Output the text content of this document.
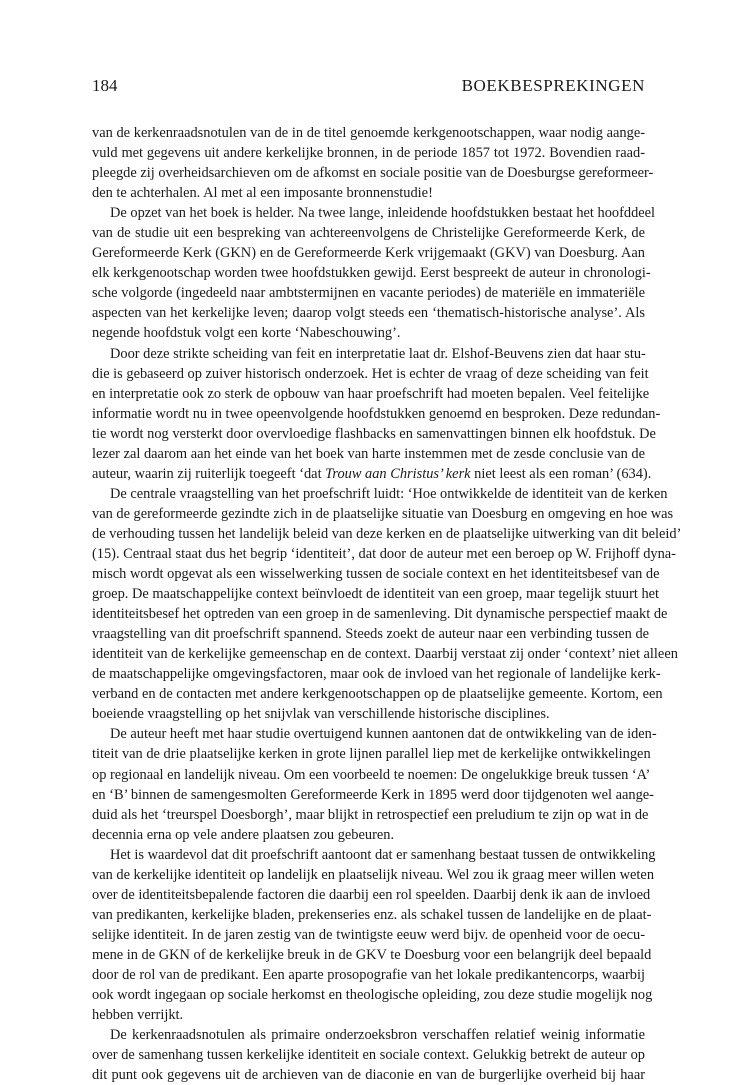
184	BOEKBESPREKINGEN
van de kerkenraadsnotulen van de in de titel genoemde kerkgenootschappen, waar nodig aange-
vuld met gegevens uit andere kerkelijke bronnen, in de periode 1857 tot 1972. Bovendien raad-
pleegde zij overheidsarchieven om de afkomst en sociale positie van de Doesburgse gereformeer-
den te achterhalen. Al met al een imposante bronnenstudie!
De opzet van het boek is helder. Na twee lange, inleidende hoofdstukken bestaat het hoofddeel
van de studie uit een bespreking van achtereenvolgens de Christelijke Gereformeerde Kerk, de
Gereformeerde Kerk (GKN) en de Gereformeerde Kerk vrijgemaakt (GKV) van Doesburg. Aan
elk kerkgenootschap worden twee hoofdstukken gewijd. Eerst bespreekt de auteur in chronologi-
sche volgorde (ingedeeld naar ambtstermijnen en vacante periodes) de materiële en immateriële
aspecten van het kerkelijke leven; daarop volgt steeds een ‘thematisch-historische analyse’. Als
negende hoofdstuk volgt een korte ‘Nabeschouwing’.
Door deze strikte scheiding van feit en interpretatie laat dr. Elshof-Beuvens zien dat haar stu-
die is gebaseerd op zuiver historisch onderzoek. Het is echter de vraag of deze scheiding van feit
en interpretatie ook zo sterk de opbouw van haar proefschrift had moeten bepalen. Veel feitelijke
informatie wordt nu in twee opeenvolgende hoofdstukken genoemd en besproken. Deze redundan-
tie wordt nog versterkt door overvloedige flashbacks en samenvattingen binnen elk hoofdstuk. De
lezer zal daarom aan het einde van het boek van harte instemmen met de zesde conclusie van de
auteur, waarin zij ruiterlijk toegeeft ‘dat Trouw aan Christus’ kerk niet leest als een roman’ (634).
De centrale vraagstelling van het proefschrift luidt: ‘Hoe ontwikkelde de identiteit van de kerken
van de gereformeerde gezindte zich in de plaatselijke situatie van Doesburg en omgeving en hoe was
de verhouding tussen het landelijk beleid van deze kerken en de plaatselijke uitwerking van dit beleid’
(15). Centraal staat dus het begrip ‘identiteit’, dat door de auteur met een beroep op W. Frijhoff dyna-
misch wordt opgevat als een wisselwerking tussen de sociale context en het identiteitsbesef van de
groep. De maatschappelijke context beïnvloedt de identiteit van een groep, maar tegelijk stuurt het
identiteitsbesef het optreden van een groep in de samenleving. Dit dynamische perspectief maakt de
vraagstelling van dit proefschrift spannend. Steeds zoekt de auteur naar een verbinding tussen de
identiteit van de kerkelijke gemeenschap en de context. Daarbij verstaat zij onder ‘context’ niet alleen
de maatschappelijke omgevingsfactoren, maar ook de invloed van het regionale of landelijke kerk-
verband en de contacten met andere kerkgenootschappen op de plaatselijke gemeente. Kortom, een
boeiende vraagstelling op het snijvlak van verschillende historische disciplines.
De auteur heeft met haar studie overtuigend kunnen aantonen dat de ontwikkeling van de iden-
titeit van de drie plaatselijke kerken in grote lijnen parallel liep met de kerkelijke ontwikkelingen
op regionaal en landelijk niveau. Om een voorbeeld te noemen: De ongelukkige breuk tussen ‘A’
en ‘B’ binnen de samengesmolten Gereformeerde Kerk in 1895 werd door tijdgenoten wel aange-
duid als het ‘treurspel Doesborgh’, maar blijkt in retrospectief een preludium te zijn op wat in de
decennia erna op vele andere plaatsen zou gebeuren.
Het is waardevol dat dit proefschrift aantoont dat er samenhang bestaat tussen de ontwikkeling
van de kerkelijke identiteit op landelijk en plaatselijk niveau. Wel zou ik graag meer willen weten
over de identiteitsbepalende factoren die daarbij een rol speelden. Daarbij denk ik aan de invloed
van predikanten, kerkelijke bladen, prekenseries enz. als schakel tussen de landelijke en de plaat-
selijke identiteit. In de jaren zestig van de twintigste eeuw werd bijv. de openheid voor de oecu-
mene in de GKN of de kerkelijke breuk in de GKV te Doesburg voor een belangrijk deel bepaald
door de rol van de predikant. Een aparte prosopografie van het lokale predikantencorps, waarbij
ook wordt ingegaan op sociale herkomst en theologische opleiding, zou deze studie mogelijk nog
hebben verrijkt.
De kerkenraadsnotulen als primaire onderzoeksbron verschaffen relatief weinig informatie
over de samenhang tussen kerkelijke identiteit en sociale context. Gelukkig betrekt de auteur op
dit punt ook gegevens uit de archieven van de diaconie en van de burgerlijke overheid bij haar
